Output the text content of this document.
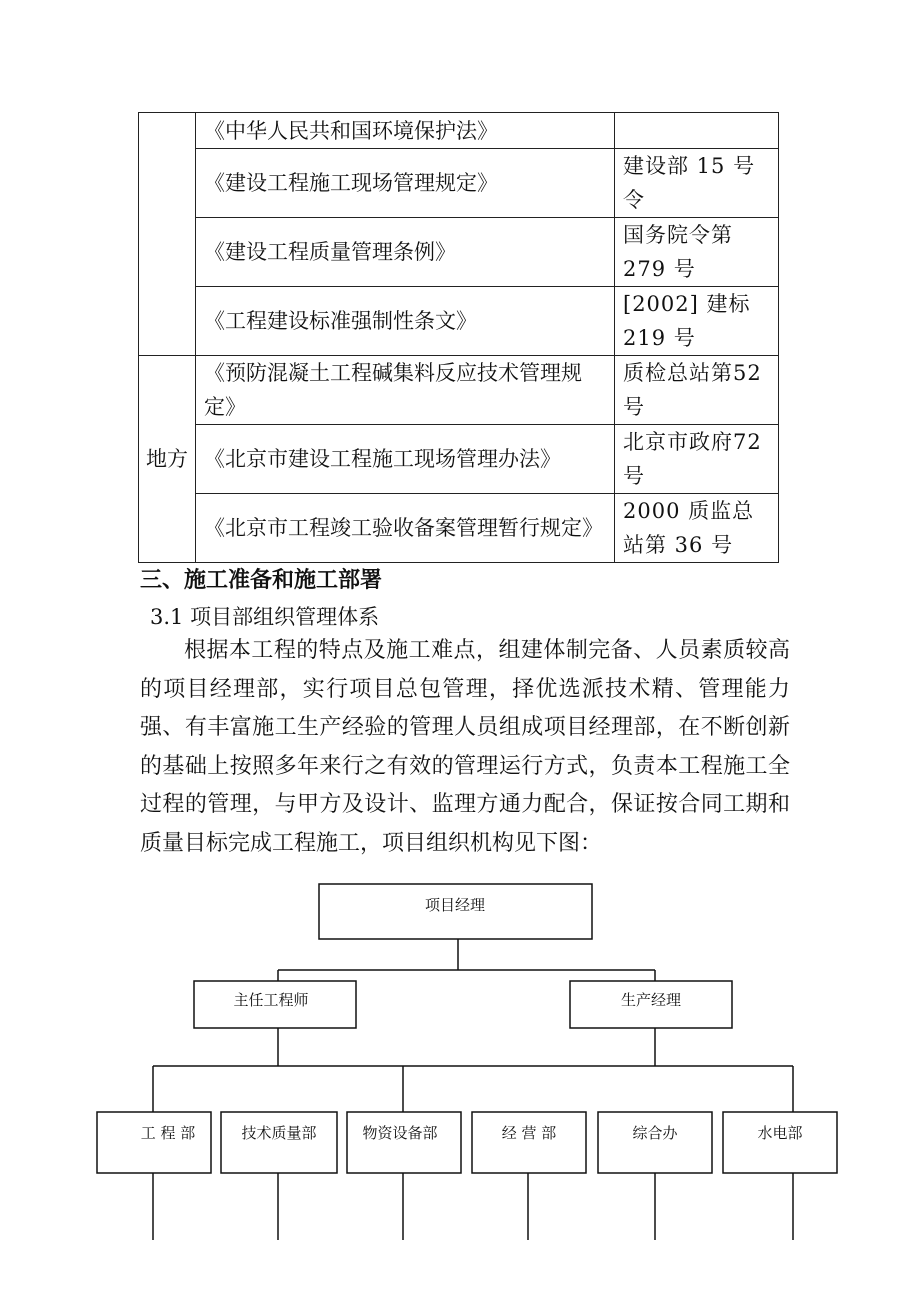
	《中华人民共和国环境保护法》	
	《建设工程施工现场管理规定》	建设部 15 号令
	《建设工程质量管理条例》	国务院令第279 号
	《工程建设标准强制性条文》	[2002] 建标219 号
地方	《预防混凝土工程碱集料反应技术管理规定》	质检总站第52 号
	《北京市建设工程施工现场管理办法》	北京市政府72 号
	《北京市工程竣工验收备案管理暂行规定》	2000 质监总站第 36 号
三、施工准备和施工部署
3.1 项目部组织管理体系

根据本工程的特点及施工难点，组建体制完备、人员素质较高的项目经理部，实行项目总包管理，择优选派技术精、管理能力强、有丰富施工生产经验的管理人员组成项目经理部，在不断创新的基础上按照多年来行之有效的管理运行方式，负责本工程施工全过程的管理，与甲方及设计、监理方通力配合，保证按合同工期和质量目标完成工程施工，项目组织机构见下图：

项目经理
主任工程师	生产经理
工 程 部	技术质量部	物资设备部	经 营 部	综合办	水电部
